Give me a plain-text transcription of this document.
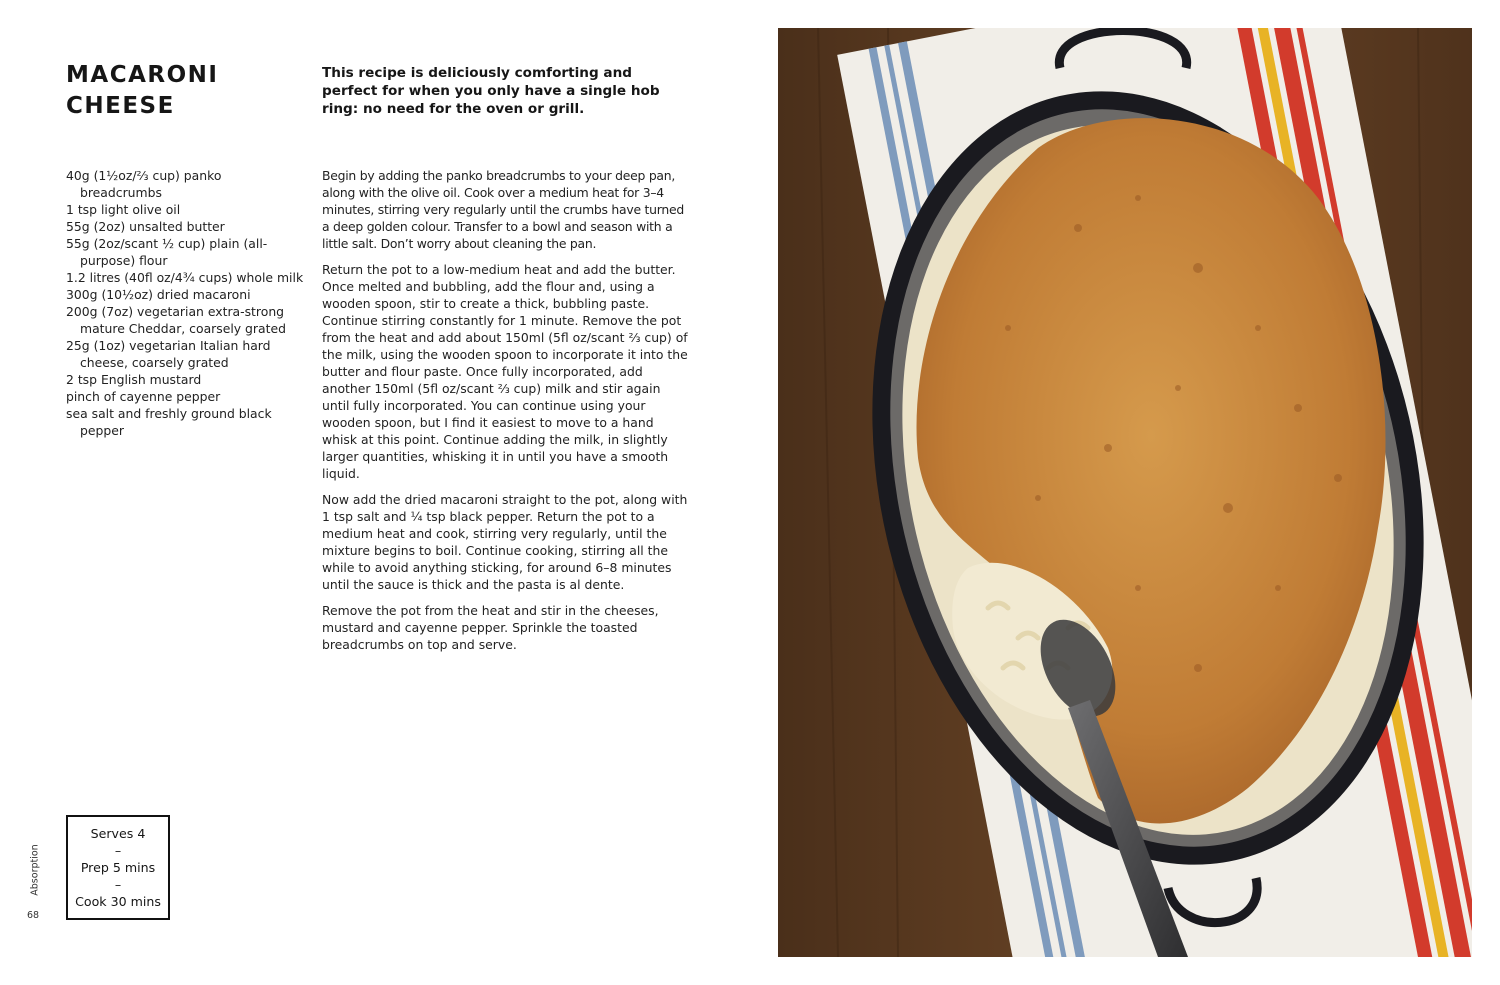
MACARONI
CHEESE

This recipe is deliciously comforting and perfect for when you only have a single hob ring: no need for the oven or grill.

40g (1½oz/⅔ cup) panko breadcrumbs
1 tsp light olive oil
55g (2oz) unsalted butter
55g (2oz/scant ½ cup) plain (all-purpose) flour
1.2 litres (40fl oz/4¾ cups) whole milk
300g (10½oz) dried macaroni
200g (7oz) vegetarian extra-strong mature Cheddar, coarsely grated
25g (1oz) vegetarian Italian hard cheese, coarsely grated
2 tsp English mustard
pinch of cayenne pepper
sea salt and freshly ground black pepper

Begin by adding the panko breadcrumbs to your deep pan, along with the olive oil. Cook over a medium heat for 3–4 minutes, stirring very regularly until the crumbs have turned a deep golden colour. Transfer to a bowl and season with a little salt. Don’t worry about cleaning the pan.

Return the pot to a low-medium heat and add the butter. Once melted and bubbling, add the flour and, using a wooden spoon, stir to create a thick, bubbling paste. Continue stirring constantly for 1 minute. Remove the pot from the heat and add about 150ml (5fl oz/scant ⅔ cup) of the milk, using the wooden spoon to incorporate it into the butter and flour paste. Once fully incorporated, add another 150ml (5fl oz/scant ⅔ cup) milk and stir again until fully incorporated. You can continue using your wooden spoon, but I find it easiest to move to a hand whisk at this point. Continue adding the milk, in slightly larger quantities, whisking it in until you have a smooth liquid.

Now add the dried macaroni straight to the pot, along with 1 tsp salt and ¼ tsp black pepper. Return the pot to a medium heat and cook, stirring very regularly, until the mixture begins to boil. Continue cooking, stirring all the while to avoid anything sticking, for around 6–8 minutes until the sauce is thick and the pasta is al dente.

Remove the pot from the heat and stir in the cheeses, mustard and cayenne pepper. Sprinkle the toasted breadcrumbs on top and serve.

Serves 4
–
Prep 5 mins
–
Cook 30 mins
Absorption
68
